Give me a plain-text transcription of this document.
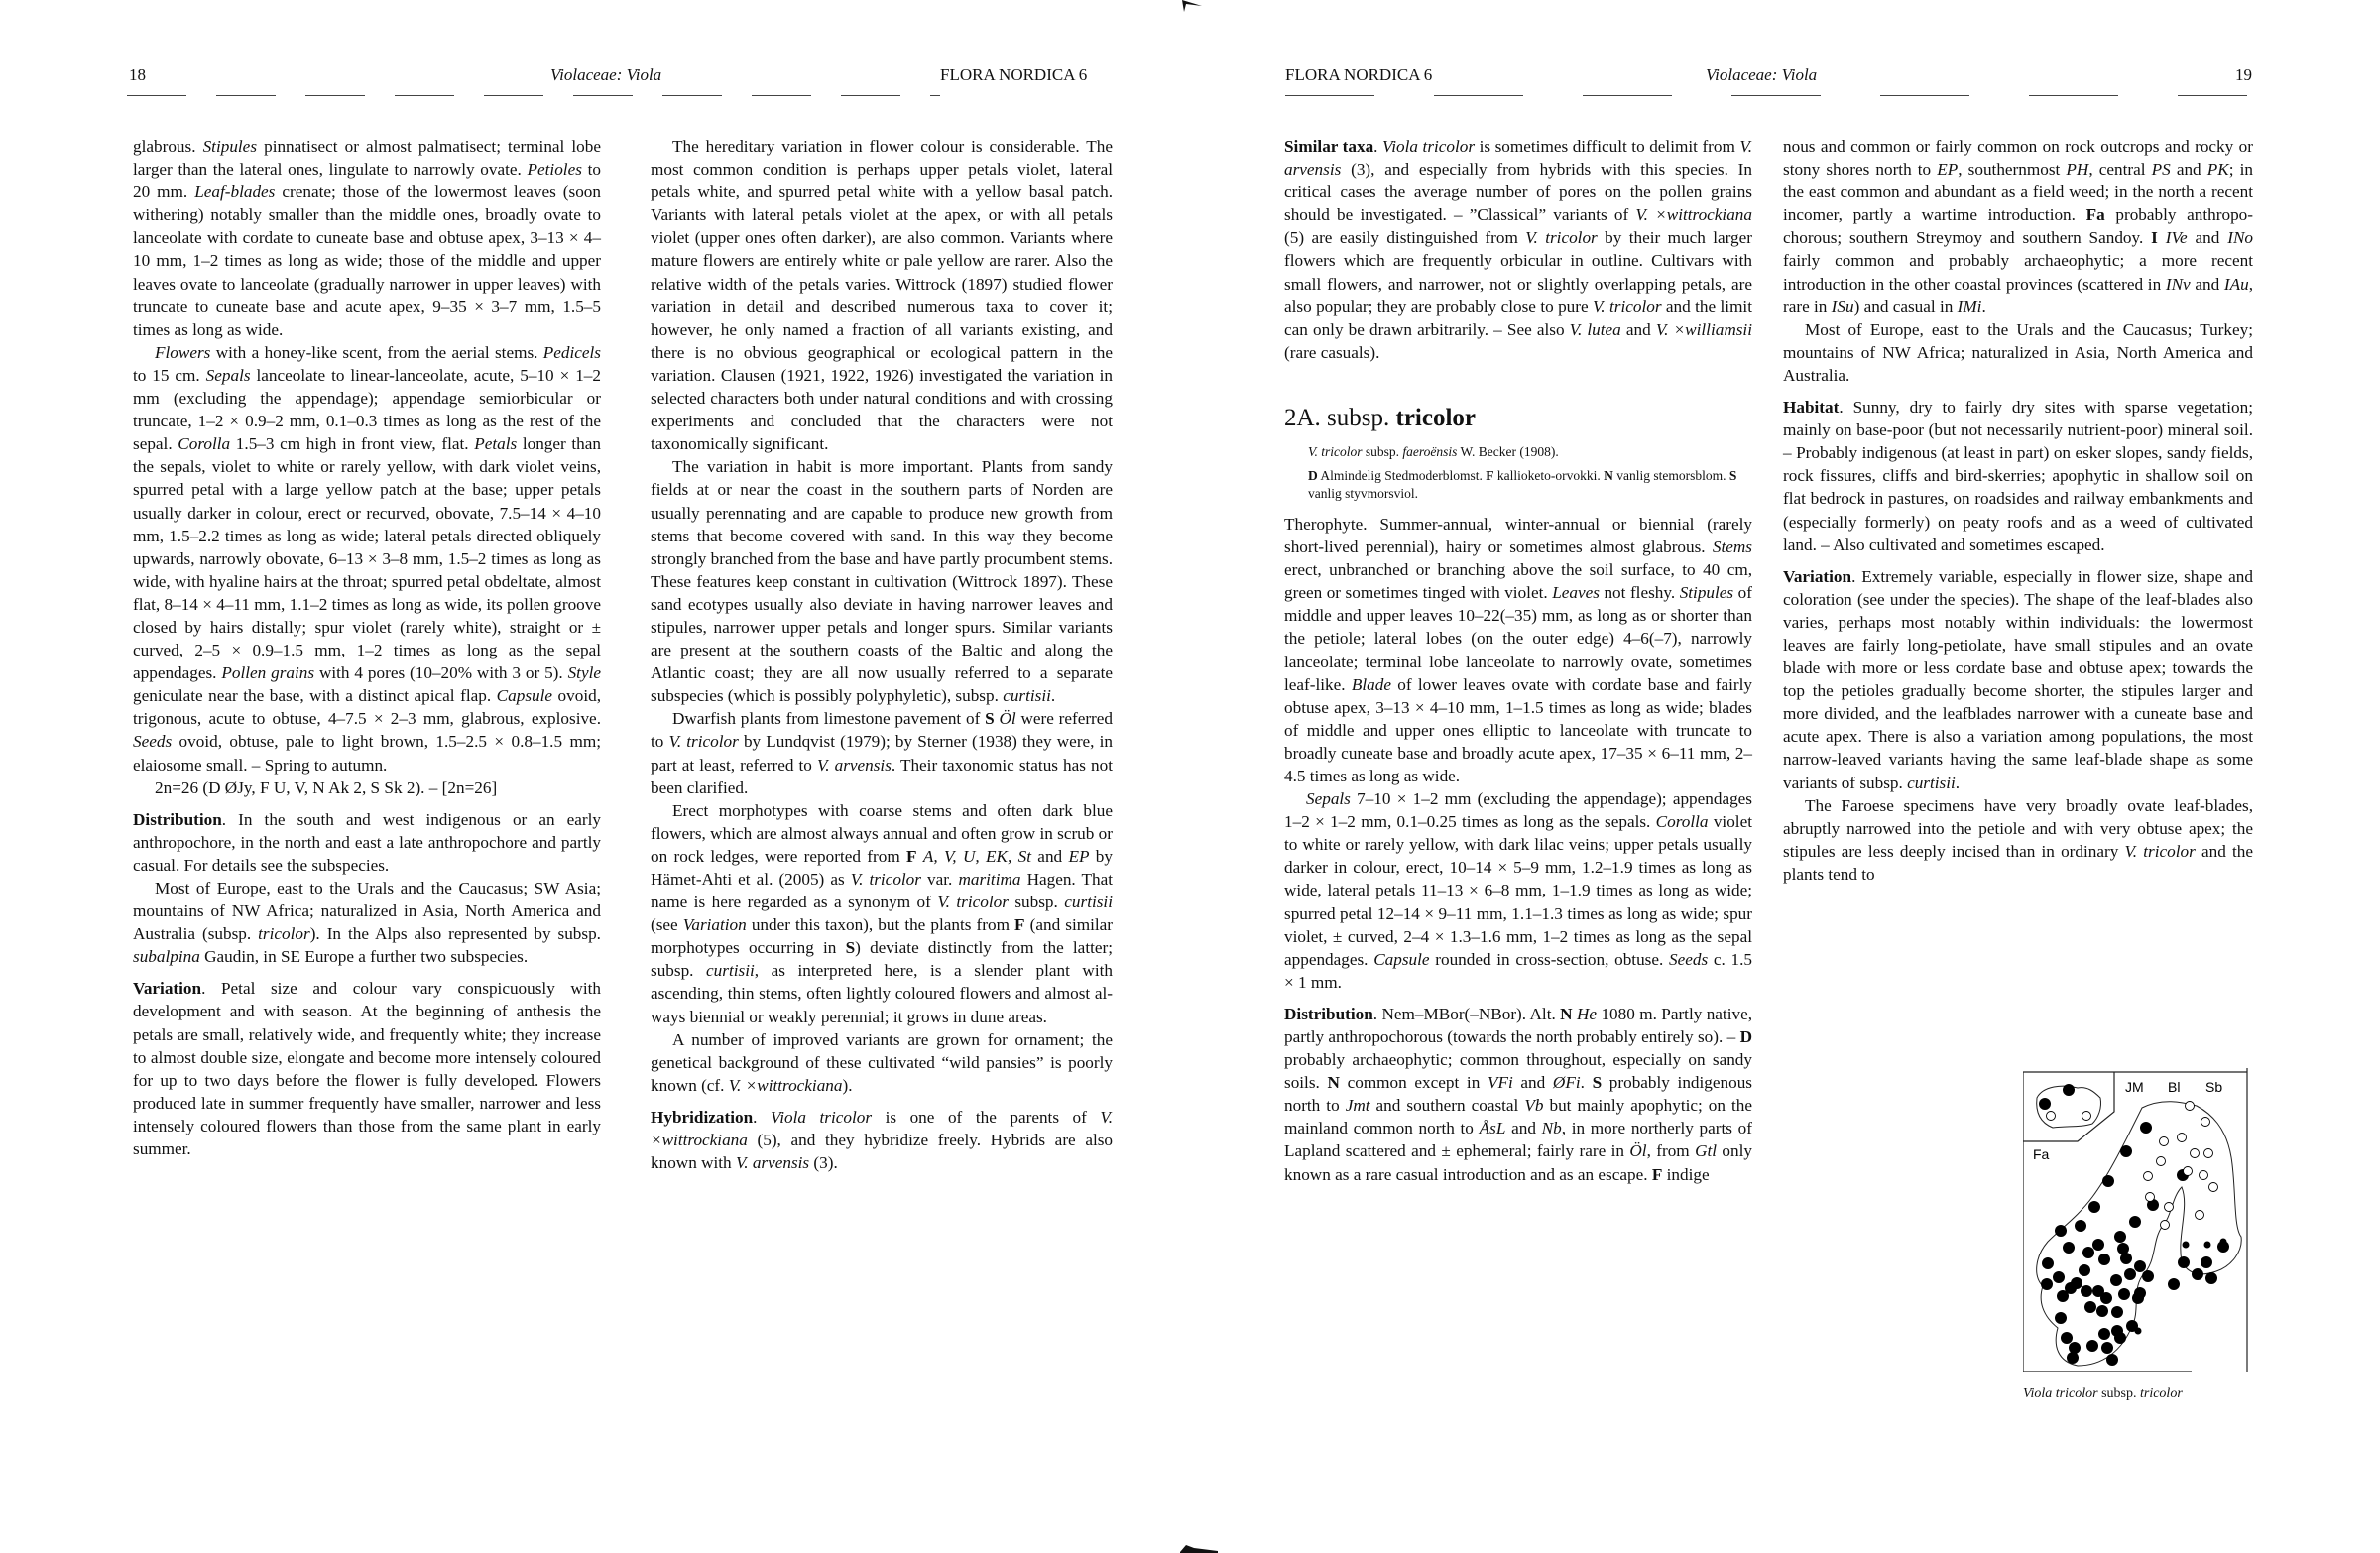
18	Violaceae: Viola	FLORA NORDICA 6

glabrous. Stipules pinnatisect or almost palmatisect; terminal lobe larger than the lateral ones, lingulate to narrowly ovate. Petioles to 20 mm. Leaf-blades crenate; those of the lowermost leaves (soon withering) notably smaller than the middle ones, broadly ovate to lanceolate with cordate to cuneate base and obtuse apex, 3–13 × 4–10 mm, 1–2 times as long as wide; those of the middle and upper leaves ovate to lanceolate (gradually narrower in upper leaves) with truncate to cuneate base and acute apex, 9–35 × 3–7 mm, 1.5–5 times as long as wide.

Flowers with a honey-like scent, from the aerial stems. Pedicels to 15 cm. Sepals lanceolate to linear-lanceolate, acute, 5–10 × 1–2 mm (excluding the appendage); appendage semiorbicular or truncate, 1–2 × 0.9–2 mm, 0.1–0.3 times as long as the rest of the sepal. Corolla 1.5–3 cm high in front view, flat. Petals longer than the sepals, violet to white or rarely yellow, with dark violet veins, spurred petal with a large yellow patch at the base; upper petals usually darker in colour, erect or recurved, obovate, 7.5–14 × 4–10 mm, 1.5–2.2 times as long as wide; lateral petals directed obliquely upwards, narrowly obovate, 6–13 × 3–8 mm, 1.5–2 times as long as wide, with hyaline hairs at the throat; spurred petal obdeltate, almost flat, 8–14 × 4–11 mm, 1.1–2 times as long as wide, its pollen groove closed by hairs distally; spur violet (rarely white), straight or ± curved, 2–5 × 0.9–1.5 mm, 1–2 times as long as the sepal appendages. Pollen grains with 4 pores (10–20% with 3 or 5). Style geniculate near the base, with a distinct apical flap. Capsule ovoid, trigonous, acute to obtuse, 4–7.5 × 2–3 mm, glabrous, explosive. Seeds ovoid, obtuse, pale to light brown, 1.5–2.5 × 0.8–1.5 mm; elaiosome small. – Spring to autumn.

2n=26 (D ØJy, F U, V, N Ak 2, S Sk 2). – [2n=26]

Distribution. In the south and west indigenous or an early anthropochore, in the north and east a late anthropochore and partly casual. For details see the subspecies.

Most of Europe, east to the Urals and the Caucasus; SW Asia; mountains of NW Africa; naturalized in Asia, North America and Australia (subsp. tricolor). In the Alps also represented by subsp. subalpina Gaudin, in SE Europe a further two subspecies.

Variation. Petal size and colour vary conspicuously with development and with season. At the beginning of anthesis the petals are small, relatively wide, and frequently white; they increase to almost double size, elongate and become more intensely coloured for up to two days before the flower is fully developed. Flowers produced late in summer frequently have smaller, narrower and less intensely coloured flowers than those from the same plant in early summer.

The hereditary variation in flower colour is considerable. The most common condition is perhaps upper petals violet, lateral petals white, and spurred petal white with a yellow basal patch. Variants with lateral petals violet at the apex, or with all petals violet (upper ones often darker), are also common. Variants where mature flowers are entirely white or pale yellow are rarer. Also the relative width of the petals varies. Wittrock (1897) studied flower variation in detail and described numerous taxa to cover it; however, he only named a fraction of all variants existing, and there is no obvious geographical or ecological pattern in the variation. Clausen (1921, 1922, 1926) investigated the variation in selected characters both under natural conditions and with crossing experiments and concluded that the characters were not taxonomically significant.

The variation in habit is more important. Plants from sandy fields at or near the coast in the southern parts of Norden are usually perennating and are capable to produce new growth from stems that become covered with sand. In this way they become strongly branched from the base and have partly procumbent stems. These features keep constant in cultivation (Wittrock 1897). These sand ecotypes usually also deviate in having narrower leaves and stipules, narrower upper petals and longer spurs. Similar variants are present at the southern coasts of the Baltic and along the Atlantic coast; they are all now usually referred to a separate subspecies (which is possibly polyphyletic), subsp. curtisii.

Dwarfish plants from limestone pavement of S Öl were referred to V. tricolor by Lundqvist (1979); by Sterner (1938) they were, in part at least, referred to V. arvensis. Their taxonomic status has not been clarified.

Erect morphotypes with coarse stems and often dark blue flowers, which are almost always annual and often grow in scrub or on rock ledges, were reported from F A, V, U, EK, St and EP by Hämet-Ahti et al. (2005) as V. tricolor var. maritima Hagen. That name is here regarded as a synonym of V. tricolor subsp. curtisii (see Variation under this taxon), but the plants from F (and similar morphotypes occurring in S) deviate distinctly from the latter; subsp. curtisii, as interpreted here, is a slender plant with ascending, thin stems, often lightly coloured flowers and almost always biennial or weakly perennial; it grows in dune areas.

A number of improved variants are grown for ornament; the genetical background of these cultivated “wild pansies” is poorly known (cf. V. ×wittrockiana).

Hybridization. Viola tricolor is one of the parents of V. ×wittrockiana (5), and they hybridize freely. Hybrids are also known with V. arvensis (3).

FLORA NORDICA 6	Violaceae: Viola	19

Similar taxa. Viola tricolor is sometimes difficult to delimit from V. arvensis (3), and especially from hybrids with this species. In critical cases the average number of pores on the pollen grains should be investigated. – ”Classical” variants of V. ×wittrockiana (5) are easily distinguished from V. tricolor by their much larger flowers which are frequently orbicular in outline. Cultivars with small flowers, and narrower, not or slightly overlapping petals, are also popular; they are probably close to pure V. tricolor and the limit can only be drawn arbitrarily. – See also V. lutea and V. ×williamsii (rare casuals).

2A. subsp. tricolor
V. tricolor subsp. faeroënsis W. Becker (1908).
D Almindelig Stedmoderblomst. F kallioketo-orvokki. N vanlig stemorsblom. S vanlig styvmorsviol.

Therophyte. Summer-annual, winter-annual or biennial (rarely short-lived perennial), hairy or sometimes almost glabrous. Stems erect, unbranched or branching above the soil surface, to 40 cm, green or sometimes tinged with violet. Leaves not fleshy. Stipules of middle and upper leaves 10–22(–35) mm, as long as or shorter than the petiole; lateral lobes (on the outer edge) 4–6(–7), narrowly lanceolate; terminal lobe lanceolate to narrowly ovate, sometimes leaf-like. Blade of lower leaves ovate with cordate base and fairly obtuse apex, 3–13 × 4–10 mm, 1–1.5 times as long as wide; blades of middle and upper ones elliptic to lanceolate with truncate to broadly cuneate base and broadly acute apex, 17–35 × 6–11 mm, 2–4.5 times as long as wide.

Sepals 7–10 × 1–2 mm (excluding the appendage); appendages 1–2 × 1–2 mm, 0.1–0.25 times as long as the sepals. Corolla violet to white or rarely yellow, with dark lilac veins; upper petals usually darker in colour, erect, 10–14 × 5–9 mm, 1.2–1.9 times as long as wide, lateral petals 11–13 × 6–8 mm, 1–1.9 times as long as wide; spurred petal 12–14 × 9–11 mm, 1.1–1.3 times as long as wide; spur violet, ± curved, 2–4 × 1.3–1.6 mm, 1–2 times as long as the sepal appendages. Capsule rounded in cross-section, obtuse. Seeds c. 1.5 × 1 mm.

Distribution. Nem–MBor(–NBor). Alt. N He 1080 m. Partly native, partly anthropochorous (towards the north probably entirely so). – D probably archaeophytic; common throughout, especially on sandy soils. N common except in VFi and ØFi. S probably indigenous north to Jmt and southern coastal Vb but mainly apophytic; on the mainland common north to ÅsL and Nb, in more northerly parts of Lapland scattered and ± ephemeral; fairly rare in Öl, from Gtl only known as a rare casual introduction and as an escape. F indige

nous and common or fairly common on rock outcrops and rocky or stony shores north to EP, southernmost PH, central PS and PK; in the east common and abundant as a field weed; in the north a recent incomer, partly a wartime introduction. Fa probably anthropochorous; southern Streymoy and southern Sandoy. I IVe and INo fairly common and probably archaeophytic; a more recent introduction in the other coastal provinces (scattered in INv and IAu, rare in ISu) and casual in IMi.

Most of Europe, east to the Urals and the Caucasus; Turkey; mountains of NW Africa; naturalized in Asia, North America and Australia.

Habitat. Sunny, dry to fairly dry sites with sparse vegetation; mainly on base-poor (but not necessarily nutrient-poor) mineral soil. – Probably indigenous (at least in part) on esker slopes, sandy fields, rock fissures, cliffs and bird-skerries; apophytic in shallow soil on flat bedrock in pastures, on roadsides and railway embankments and (especially formerly) on peaty roofs and as a weed of cultivated land. – Also cultivated and sometimes escaped.

Variation. Extremely variable, especially in flower size, shape and coloration (see under the species). The shape of the leaf-blades also varies, perhaps most notably within individuals: the lowermost leaves are fairly long-petiolate, have small stipules and an ovate blade with more or less cordate base and obtuse apex; towards the top the petioles gradually become shorter, the stipules larger and more divided, and the leafblades narrower with a cuneate base and acute apex. There is also a variation among populations, the most narrow-leaved variants having the same leaf-blade shape as some variants of subsp. curtisii.

The Faroese specimens have very broadly ovate leaf-blades, abruptly narrowed into the petiole and with very obtuse apex; the stipules are less deeply incised than in ordinary V. tricolor and the plants tend to

JM Bl Sb
Fa
Viola tricolor subsp. tricolor
